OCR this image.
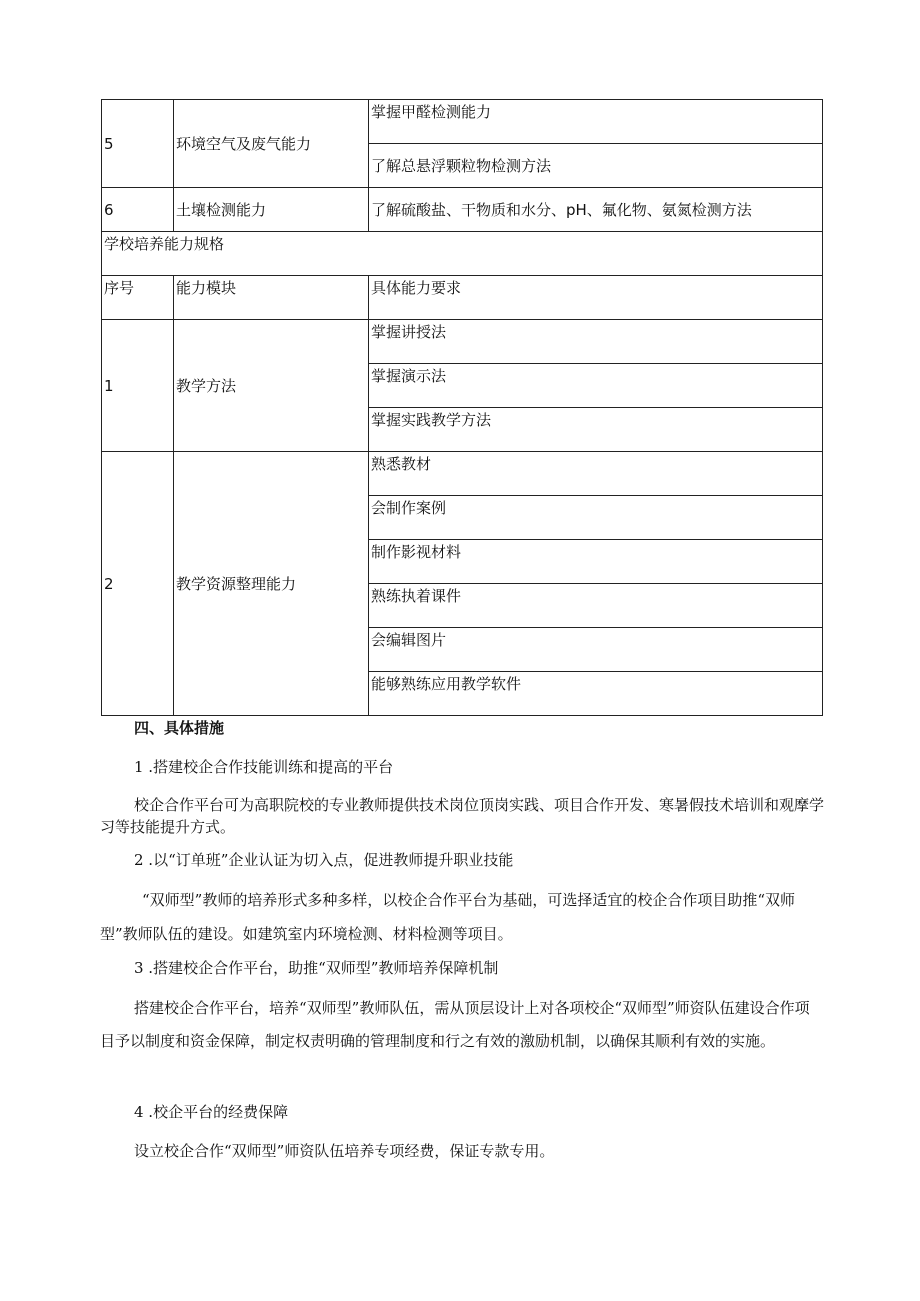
5	环境空气及废气能力	掌握甲醛检测能力

		了解总悬浮颗粒物检测方法

6	土壤检测能力	了解硫酸盐、干物质和水分、pH、氟化物、氨氮检测方法

学校培养能力规格		

序号	能力模块	具体能力要求

1	教学方法	掌握讲授法

		掌握演示法

		掌握实践教学方法

2	教学资源整理能力	熟悉教材

		会制作案例

		制作影视材料

		熟练执着课件

		会编辑图片

		能够熟练应用教学软件
四、具体措施
1 .搭建校企合作技能训练和提高的平台
校企合作平台可为高职院校的专业教师提供技术岗位顶岗实践、项目合作开发、寒暑假技术培训和观摩学习等技能提升方式。
2 .以“订单班”企业认证为切入点，促进教师提升职业技能
“双师型”教师的培养形式多种多样，以校企合作平台为基础，可选择适宜的校企合作项目助推“双师型”教师队伍的建设。如建筑室内环境检测、材料检测等项目。
3 .搭建校企合作平台，助推“双师型”教师培养保障机制
搭建校企合作平台，培养“双师型”教师队伍，需从顶层设计上对各项校企“双师型”师资队伍建设合作项目予以制度和资金保障，制定权责明确的管理制度和行之有效的激励机制，以确保其顺利有效的实施。
4 .校企平台的经费保障
设立校企合作“双师型”师资队伍培养专项经费，保证专款专用。
